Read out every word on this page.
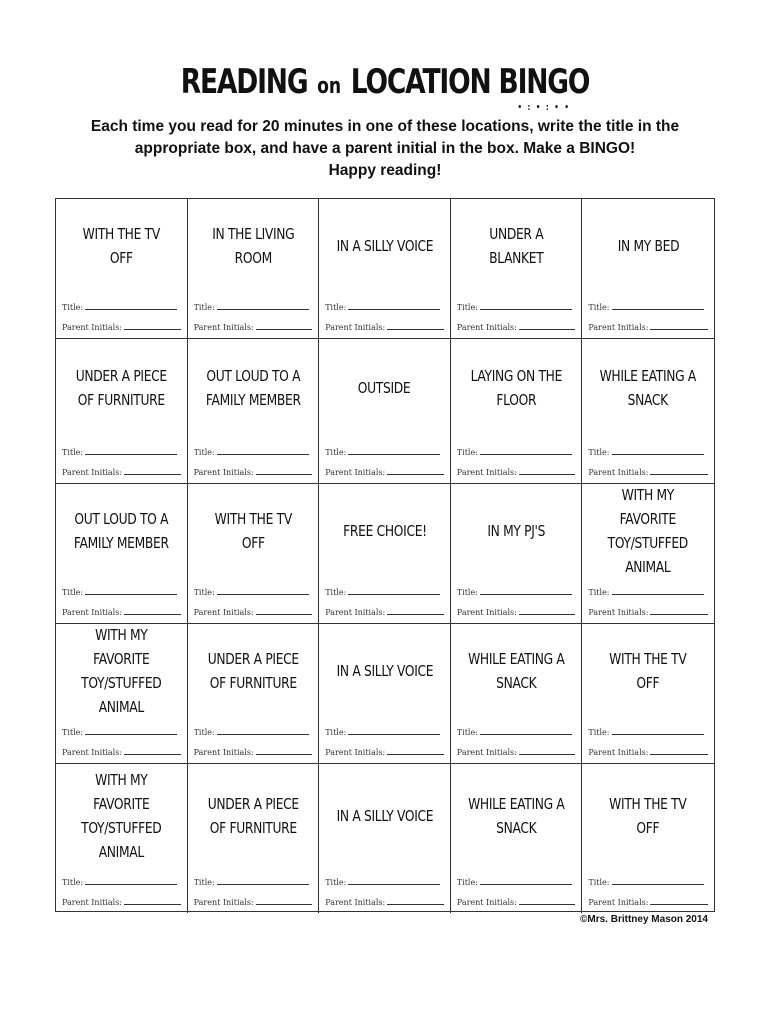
READING on LOCATION BINGO • : • : • •
Each time you read for 20 minutes in one of these locations, write the title in the
appropriate box, and have a parent initial in the box. Make a BINGO!
Happy reading!
WITH THE TV OFF
Title:
Parent Initials:
IN THE LIVING ROOM
Title:
Parent Initials:
IN A SILLY VOICE
Title:
Parent Initials:
UNDER A BLANKET
Title:
Parent Initials:
IN MY BED
Title:
Parent Initials:
UNDER A PIECE OF FURNITURE
Title:
Parent Initials:
OUT LOUD TO A FAMILY MEMBER
Title:
Parent Initials:
OUTSIDE
Title:
Parent Initials:
LAYING ON THE FLOOR
Title:
Parent Initials:
WHILE EATING A SNACK
Title:
Parent Initials:
OUT LOUD TO A FAMILY MEMBER
Title:
Parent Initials:
WITH THE TV OFF
Title:
Parent Initials:
FREE CHOICE!
Title:
Parent Initials:
IN MY PJ'S
Title:
Parent Initials:
WITH MY FAVORITE TOY/STUFFED ANIMAL
Title:
Parent Initials:
WITH MY FAVORITE TOY/STUFFED ANIMAL
Title:
Parent Initials:
UNDER A PIECE OF FURNITURE
Title:
Parent Initials:
IN A SILLY VOICE
Title:
Parent Initials:
WHILE EATING A SNACK
Title:
Parent Initials:
WITH THE TV OFF
Title:
Parent Initials:
WITH MY FAVORITE TOY/STUFFED ANIMAL
Title:
Parent Initials:
UNDER A PIECE OF FURNITURE
Title:
Parent Initials:
IN A SILLY VOICE
Title:
Parent Initials:
WHILE EATING A SNACK
Title:
Parent Initials:
WITH THE TV OFF
Title:
Parent Initials:
©Mrs. Brittney Mason 2014
